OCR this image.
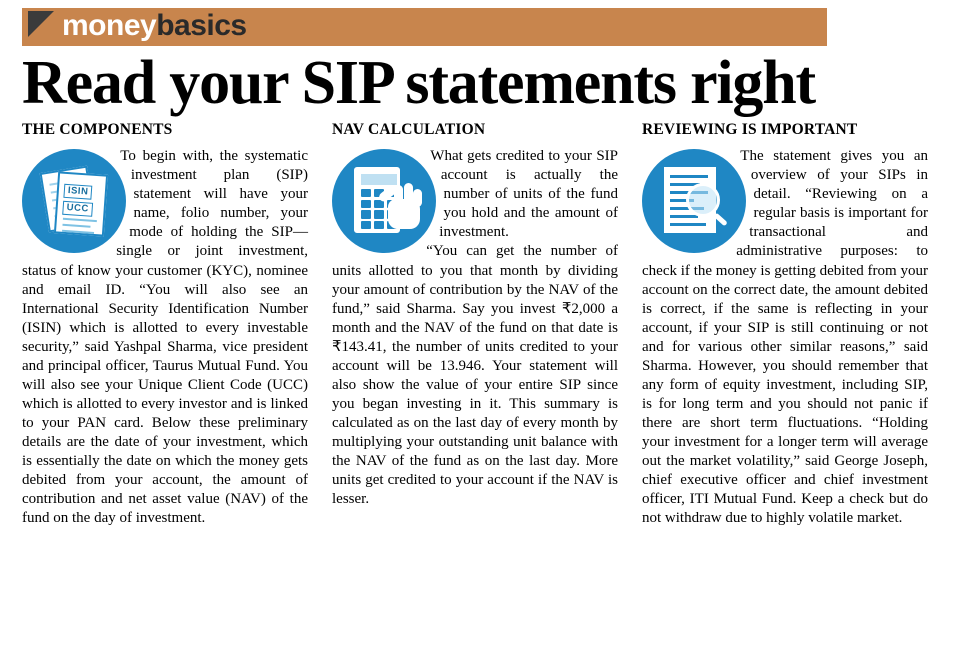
moneybasics
Read your SIP statements right
THE COMPONENTS
ISIN
UCC

To begin with, the systematic investment plan (SIP) statement will have your name, folio number, your mode of holding the SIP—single or joint investment, status of know your customer (KYC), nominee and email ID. “You will also see an International Security Identification Number (ISIN) which is allotted to every investable security,” said Yashpal Sharma, vice president and principal officer, Taurus Mutual Fund. You will also see your Unique Client Code (UCC) which is allotted to every investor and is linked to your PAN card. Below these preliminary details are the date of your investment, which is essentially the date on which the money gets debited from your account, the amount of contribution and net asset value (NAV) of the fund on the day of investment.

NAV CALCULATION

What gets credited to your SIP account is actually the number of units of the fund you hold and the amount of investment.

“You can get the number of units allotted to you that month by dividing your amount of contribution by the NAV of the fund,” said Sharma. Say you invest ₹2,000 a month and the NAV of the fund on that date is ₹143.41, the number of units credited to your account will be 13.946. Your statement will also show the value of your entire SIP since you began investing in it. This summary is calculated as on the last day of every month by multiplying your outstanding unit balance with the NAV of the fund as on the last day. More units get credited to your account if the NAV is lesser.

REVIEWING IS IMPORTANT

The statement gives you an overview of your SIPs in detail. “Reviewing on a regular basis is important for transactional and administrative purposes: to check if the money is getting debited from your account on the correct date, the amount debited is correct, if the same is reflecting in your account, if your SIP is still continuing or not and for various other similar reasons,” said Sharma. However, you should remember that any form of equity investment, including SIP, is for long term and you should not panic if there are short term fluctuations. “Holding your investment for a longer term will average out the market volatility,” said George Joseph, chief executive officer and chief investment officer, ITI Mutual Fund. Keep a check but do not withdraw due to highly volatile market.
